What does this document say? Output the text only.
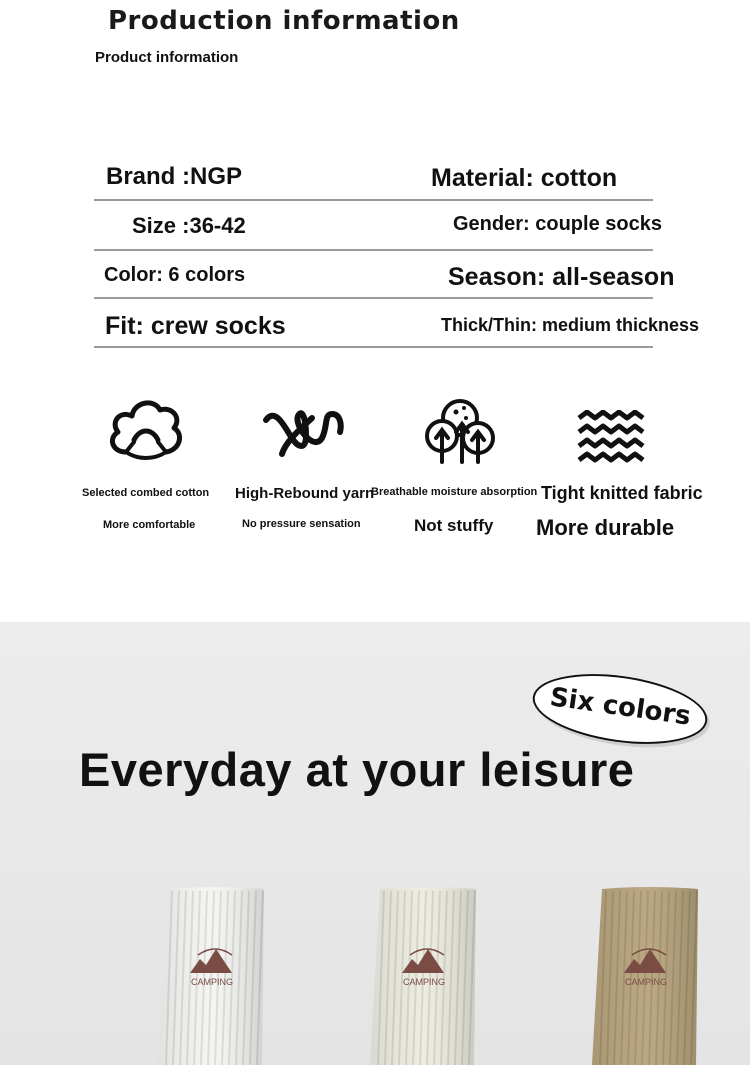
Production information
Product information
Brand :NGP	Material: cotton
Size :36-42	Gender: couple socks
Color: 6 colors	Season: all-season
Fit: crew socks	Thick/Thin: medium thickness
Selected combed cotton
More comfortable
High-Rebound yarn
No pressure sensation
Breathable moisture absorption
Not stuffy
Tight knitted fabric
More durable
Six colors
Everyday at your leisure
CAMPING	CAMPING	CAMPING
